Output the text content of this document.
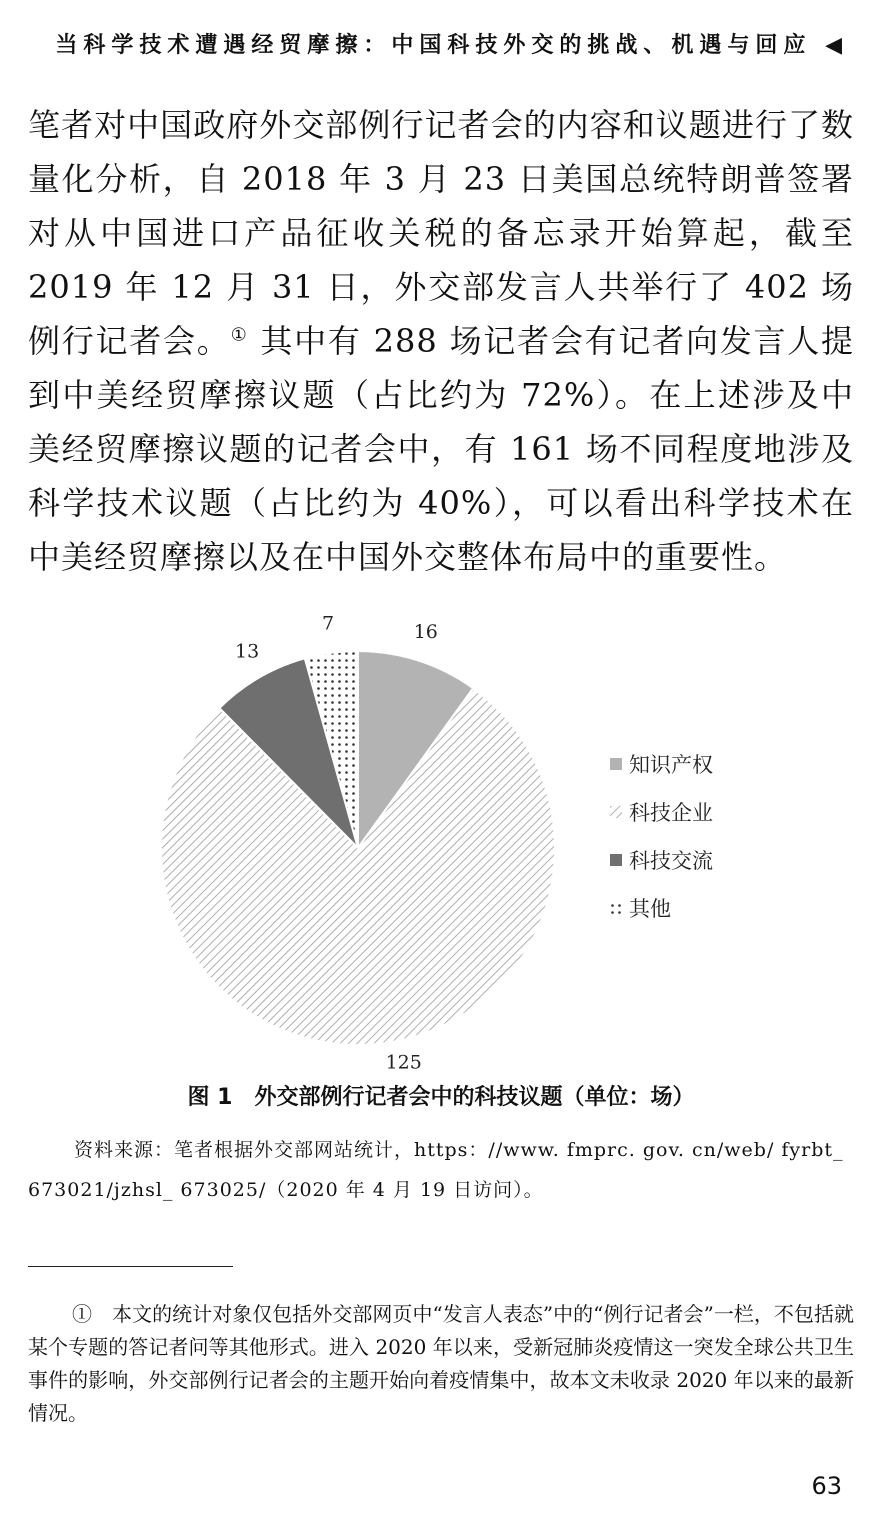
当科学技术遭遇经贸摩擦：中国科技外交的挑战、机遇与回应 ◀

笔者对中国政府外交部例行记者会的内容和议题进行了数量化分析，自 2018 年 3 月 23 日美国总统特朗普签署对从中国进口产品征收关税的备忘录开始算起，截至 2019 年 12 月 31 日，外交部发言人共举行了 402 场例行记者会。① 其中有 288 场记者会有记者向发言人提到中美经贸摩擦议题（占比约为 72%）。在上述涉及中美经贸摩擦议题的记者会中，有 161 场不同程度地涉及科学技术议题（占比约为 40%），可以看出科学技术在中美经贸摩擦以及在中国外交整体布局中的重要性。

16
125
13
7
知识产权
科技企业
科技交流
其他
图 1　外交部例行记者会中的科技议题（单位：场）

资料来源：笔者根据外交部网站统计，https：//www. fmprc. gov. cn/web/ fyrbt_ 673021/jzhsl_ 673025/（2020 年 4 月 19 日访问）。

①　本文的统计对象仅包括外交部网页中“发言人表态”中的“例行记者会”一栏，不包括就某个专题的答记者问等其他形式。进入 2020 年以来，受新冠肺炎疫情这一突发全球公共卫生事件的影响，外交部例行记者会的主题开始向着疫情集中，故本文未收录 2020 年以来的最新情况。

63
